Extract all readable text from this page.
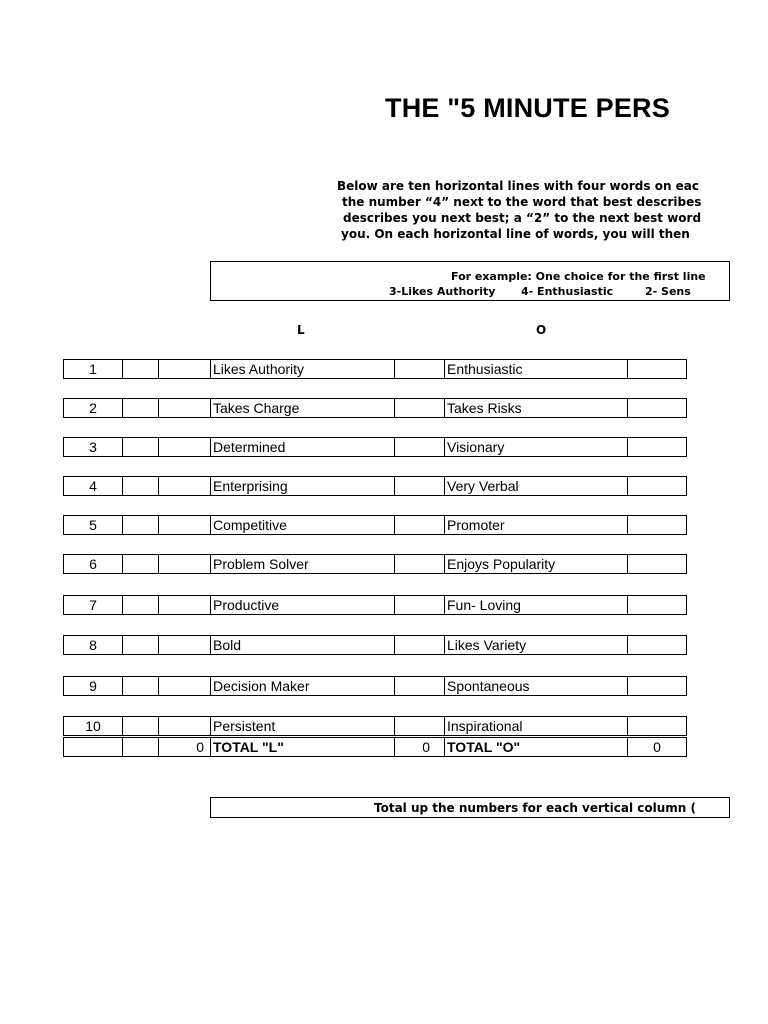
THE "5 MINUTE PERS
Below are ten horizontal lines with four words on eac
the number “4” next to the word that best describes
describes you next best; a “2” to the next best word
you. On each horizontal line of words, you will then
For example: One choice for the first line
3-Likes Authority 4- Enthusiastic	2- Sens
L	O
1	Likes Authority	Enthusiastic
2	Takes Charge	Takes Risks
3	Determined	Visionary
4	Enterprising	Very Verbal
5	Competitive	Promoter
6	Problem Solver	Enjoys Popularity
7	Productive	Fun- Loving
8	Bold	Likes Variety
9	Decision Maker	Spontaneous
10	Persistent	Inspirational
0 TOTAL "L"	0	TOTAL "O"	0
Total up the numbers for each vertical column (
